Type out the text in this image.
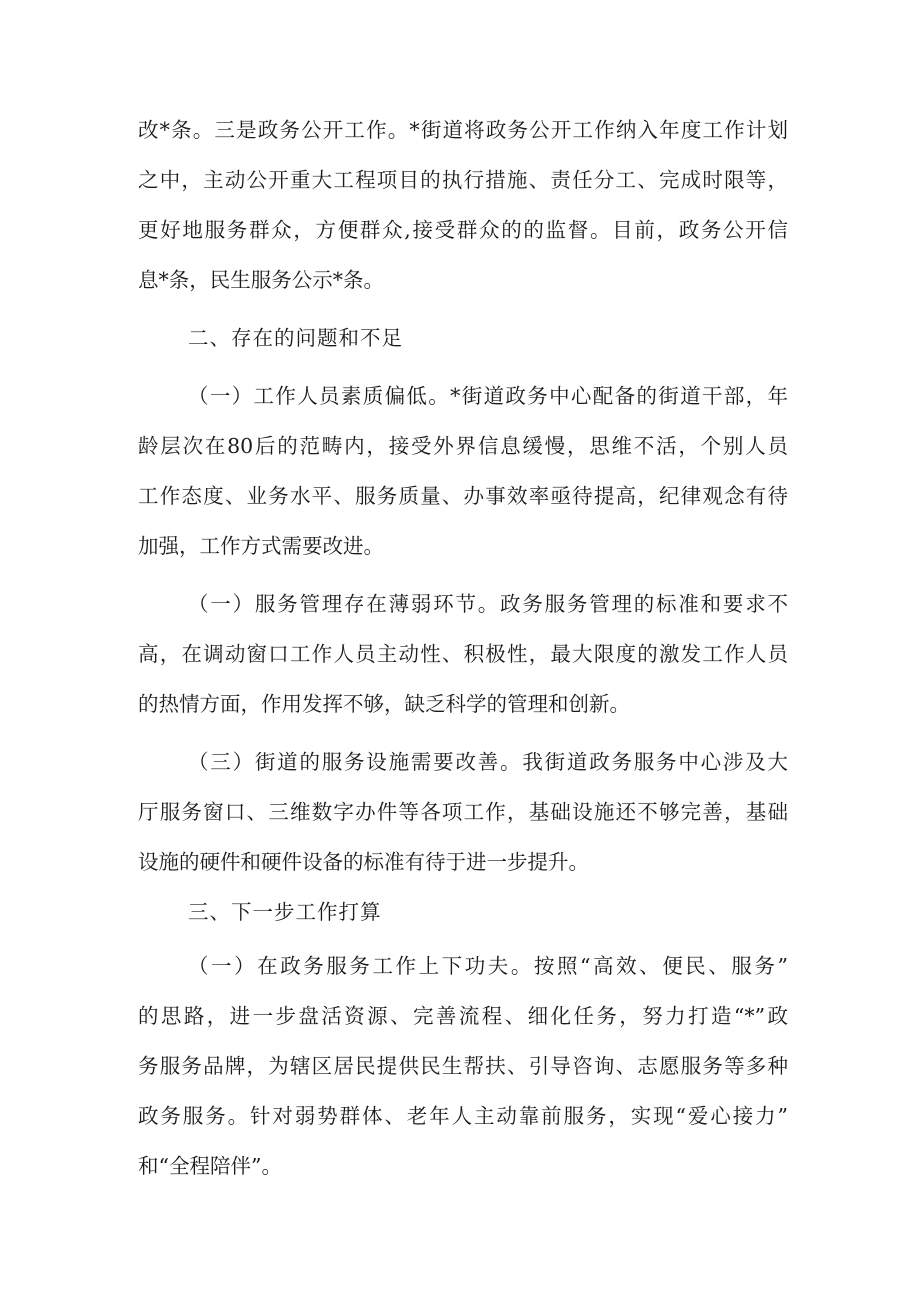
改*条。三是政务公开工作。*街道将政务公开工作纳入年度工作计划
之中，主动公开重大工程项目的执行措施、责任分工、完成时限等，
更好地服务群众，方便群众,接受群众的的监督。目前，政务公开信
息*条，民生服务公示*条。
二、存在的问题和不足
（一）工作人员素质偏低。*街道政务中心配备的街道干部，年
龄层次在80后的范畴内，接受外界信息缓慢，思维不活，个别人员
工作态度、业务水平、服务质量、办事效率亟待提高，纪律观念有待
加强，工作方式需要改进。
（一）服务管理存在薄弱环节。政务服务管理的标准和要求不
高，在调动窗口工作人员主动性、积极性，最大限度的激发工作人员
的热情方面，作用发挥不够，缺乏科学的管理和创新。
（三）街道的服务设施需要改善。我街道政务服务中心涉及大
厅服务窗口、三维数字办件等各项工作，基础设施还不够完善，基础
设施的硬件和硬件设备的标准有待于进一步提升。
三、下一步工作打算
（一）在政务服务工作上下功夫。按照“高效、便民、服务”
的思路，进一步盘活资源、完善流程、细化任务，努力打造“*”政
务服务品牌，为辖区居民提供民生帮扶、引导咨询、志愿服务等多种
政务服务。针对弱势群体、老年人主动靠前服务，实现“爱心接力”
和“全程陪伴”。
